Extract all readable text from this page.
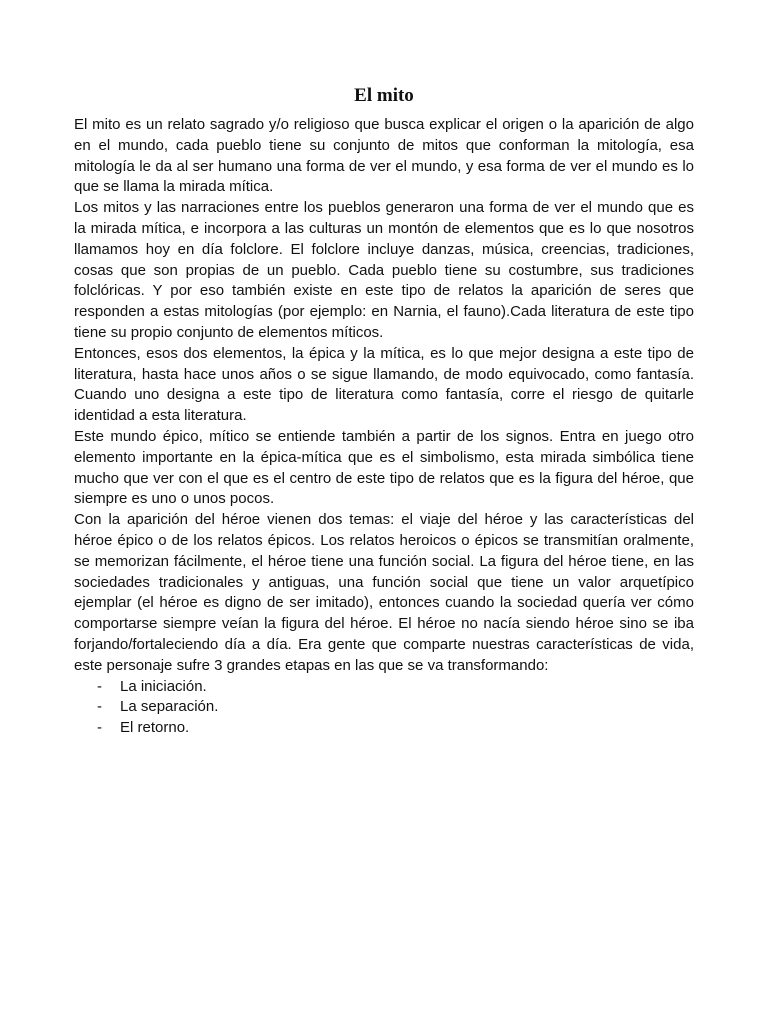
El mito

El mito es un relato sagrado y/o religioso que busca explicar el origen o la aparición de algo en el mundo, cada pueblo tiene su conjunto de mitos que conforman la mitología, esa mitología le da al ser humano una forma de ver el mundo, y esa forma de ver el mundo es lo que se llama la mirada mítica.

Los mitos y las narraciones entre los pueblos generaron una forma de ver el mundo que es la mirada mítica, e incorpora a las culturas un montón de elementos que es lo que nosotros llamamos hoy en día folclore. El folclore incluye danzas, música, creencias, tradiciones, cosas que son propias de un pueblo. Cada pueblo tiene su costumbre, sus tradiciones folclóricas. Y por eso también existe en este tipo de relatos la aparición de seres que responden a estas mitologías (por ejemplo: en Narnia, el fauno).Cada literatura de este tipo tiene su propio conjunto de elementos míticos.

Entonces, esos dos elementos, la épica y la mítica, es lo que mejor designa a este tipo de literatura, hasta hace unos años o se sigue llamando, de modo equivocado, como fantasía. Cuando uno designa a este tipo de literatura como fantasía, corre el riesgo de quitarle identidad a esta literatura.

Este mundo épico, mítico se entiende también a partir de los signos. Entra en juego otro elemento importante en la épica-mítica que es el simbolismo, esta mirada simbólica tiene mucho que ver con el que es el centro de este tipo de relatos que es la figura del héroe, que siempre es uno o unos pocos.

Con la aparición del héroe vienen dos temas: el viaje del héroe y las características del héroe épico o de los relatos épicos. Los relatos heroicos o épicos se transmitían oralmente, se memorizan fácilmente, el héroe tiene una función social. La figura del héroe tiene, en las sociedades tradicionales y antiguas, una función social que tiene un valor arquetípico ejemplar (el héroe es digno de ser imitado), entonces cuando la sociedad quería ver cómo comportarse siempre veían la figura del héroe. El héroe no nacía siendo héroe sino se iba forjando/fortaleciendo día a día. Era gente que comparte nuestras características de vida, este personaje sufre 3 grandes etapas en las que se va transformando:

- La iniciación.
- La separación.
- El retorno.
